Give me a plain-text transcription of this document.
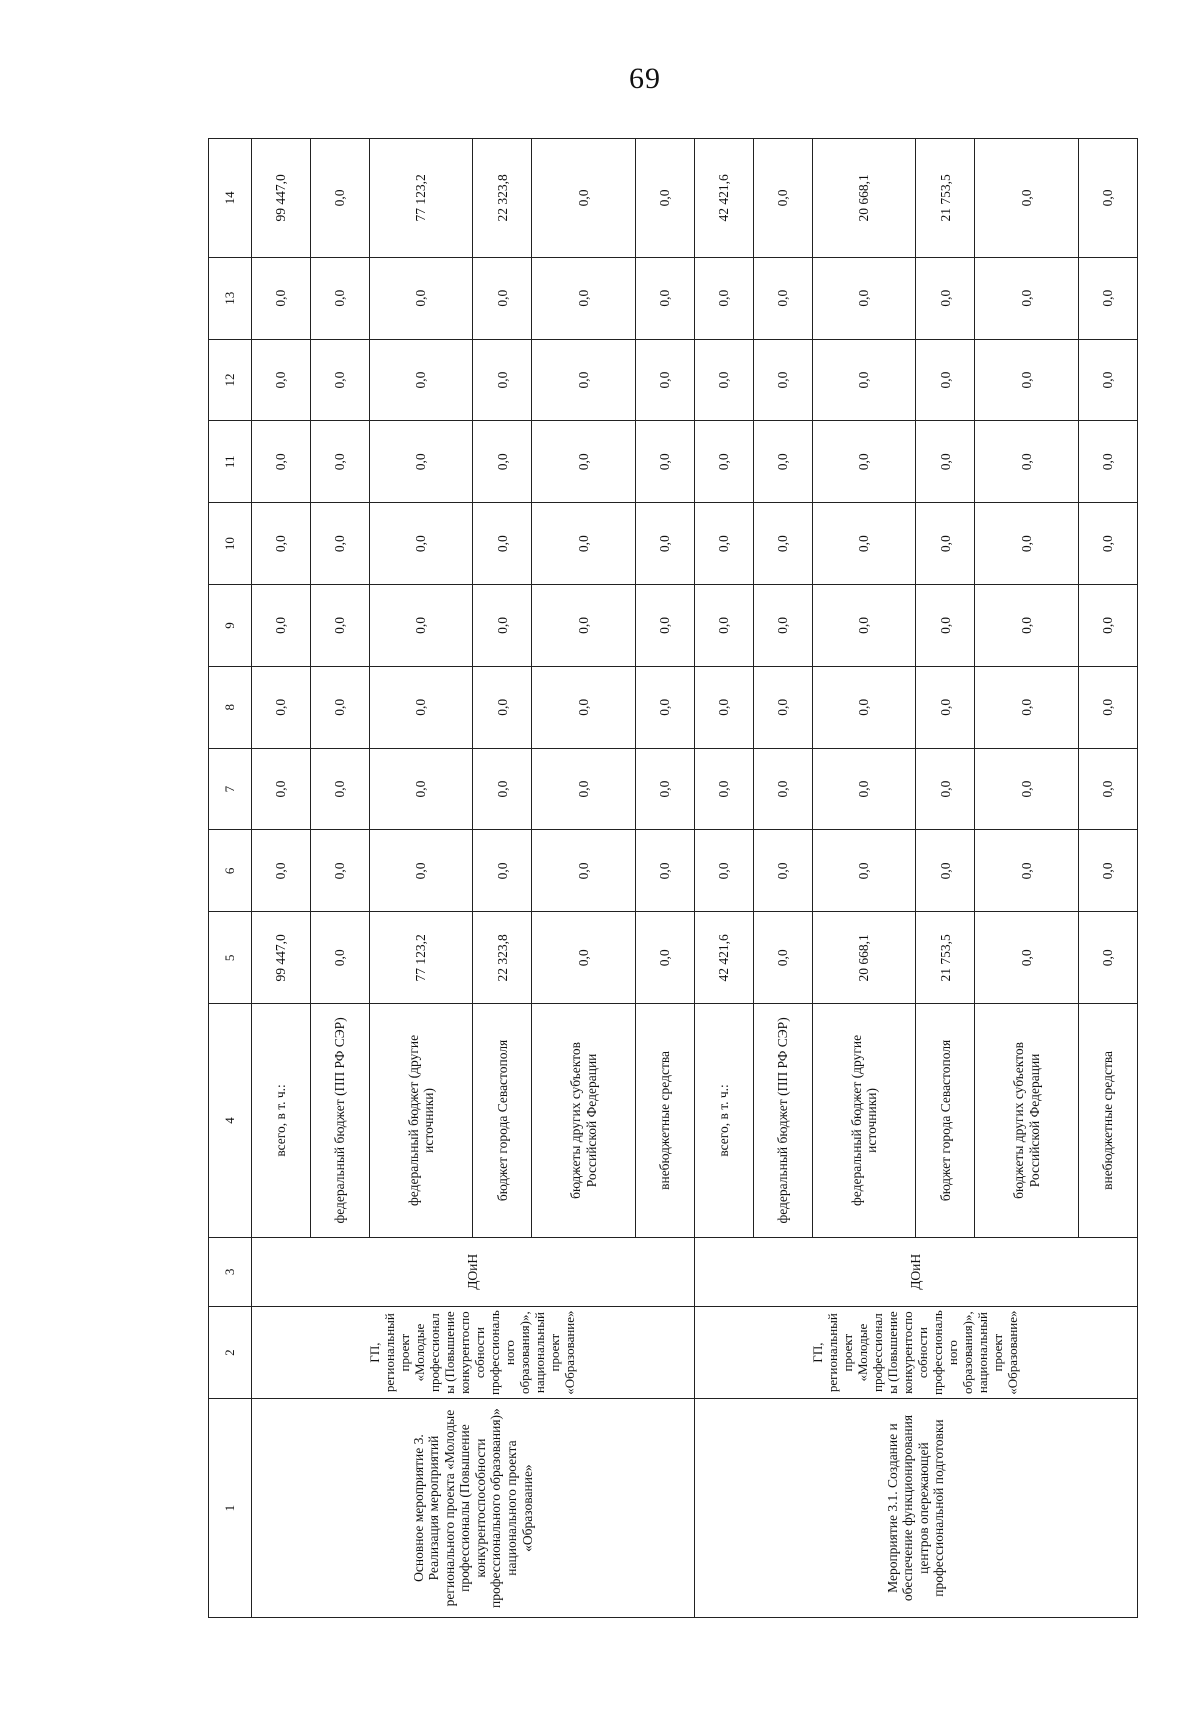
69
1	2	3	4	5	6	7	8	9	10	11	12	13	14
Основное мероприятие 3. Реализация мероприятий регионального проекта «Молодые профессионалы (Повышение конкурентоспособности профессионального образования)» национального проекта «Образование»	ГП, региональный проект «Молодые профессионалы (Повышение конкурентоспособности профессионального образования)», национальный проект «Образование»	ДОиН	всего, в т. ч.:	99 447,0	0,0	0,0	0,0	0,0	0,0	0,0	0,0	0,0	99 447,0
			федеральный бюджет (ПП РФ СЭР)	0,0	0,0	0,0	0,0	0,0	0,0	0,0	0,0	0,0	0,0
			федеральный бюджет (другие источники)	77 123,2	0,0	0,0	0,0	0,0	0,0	0,0	0,0	0,0	77 123,2
			бюджет города Севастополя	22 323,8	0,0	0,0	0,0	0,0	0,0	0,0	0,0	0,0	22 323,8
			бюджеты других субъектов Российской Федерации	0,0	0,0	0,0	0,0	0,0	0,0	0,0	0,0	0,0	0,0
			внебюджетные средства	0,0	0,0	0,0	0,0	0,0	0,0	0,0	0,0	0,0	0,0
Мероприятие 3.1. Создание и обеспечение функционирования центров опережающей профессиональной подготовки	ГП, региональный проект «Молодые профессионалы (Повышение конкурентоспособности профессионального образования)», национальный проект «Образование»	ДОиН	всего, в т. ч.:	42 421,6	0,0	0,0	0,0	0,0	0,0	0,0	0,0	0,0	42 421,6
			федеральный бюджет (ПП РФ СЭР)	0,0	0,0	0,0	0,0	0,0	0,0	0,0	0,0	0,0	0,0
			федеральный бюджет (другие источники)	20 668,1	0,0	0,0	0,0	0,0	0,0	0,0	0,0	0,0	20 668,1
			бюджет города Севастополя	21 753,5	0,0	0,0	0,0	0,0	0,0	0,0	0,0	0,0	21 753,5
			бюджеты других субъектов Российской Федерации	0,0	0,0	0,0	0,0	0,0	0,0	0,0	0,0	0,0	0,0
			внебюджетные средства	0,0	0,0	0,0	0,0	0,0	0,0	0,0	0,0	0,0	0,0
